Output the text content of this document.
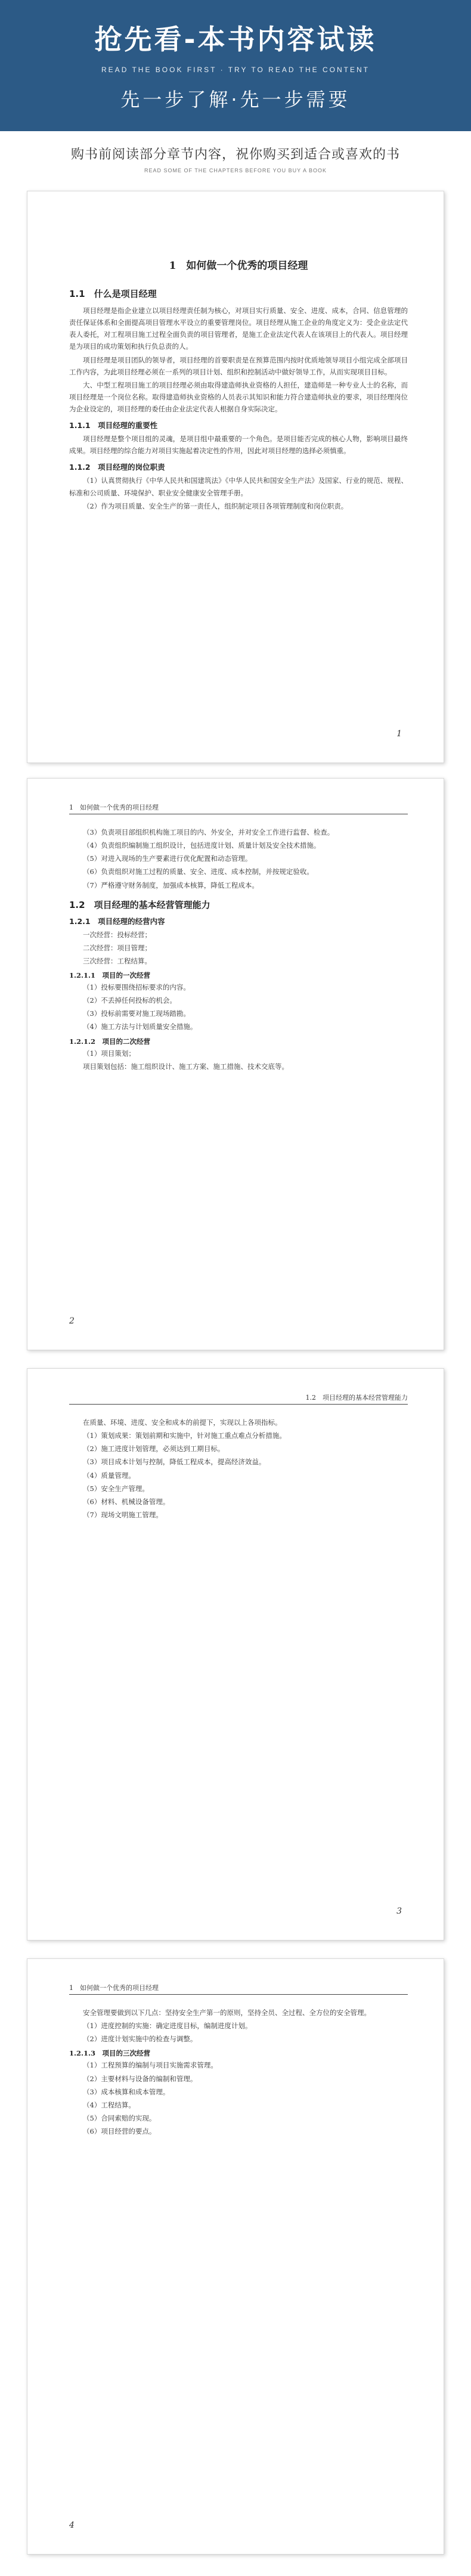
抢先看-本书内容试读
READ THE BOOK FIRST · TRY TO READ THE CONTENT
先一步了解·先一步需要
购书前阅读部分章节内容，祝你购买到适合或喜欢的书
READ SOME OF THE CHAPTERS BEFORE YOU BUY A BOOK
1　如何做一个优秀的项目经理
1.1　什么是项目经理

项目经理是指企业建立以项目经理责任制为核心，对项目实行质量、安全、进度、成本，合同、信息管理的责任保证体系和全面提高项目管理水平设立的重要管理岗位。项目经理从施工企业的角度定义为：受企业法定代表人委托，对工程项目施工过程全面负责的项目管理者，是施工企业法定代表人在该项目上的代表人。项目经理是为项目的成功策划和执行负总责的人。

项目经理是项目团队的领导者，项目经理的首要职责是在预算范围内按时优质地领导项目小组完成全部项目工作内容，为此项目经理必须在一系列的项目计划、组织和控制活动中做好领导工作，从而实现项目目标。

大、中型工程项目施工的项目经理必须由取得建造师执业资格的人担任，建造师是一种专业人士的名称，而项目经理是一个岗位名称。取得建造师执业资格的人员表示其知识和能力符合建造师执业的要求，项目经理岗位为企业设定的，项目经理的委任由企业法定代表人根据自身实际决定。

1.1.1　项目经理的重要性

项目经理是整个项目组的灵魂，是项目组中最重要的一个角色。是项目能否完成的核心人物，影响项目最终成果。项目经理的综合能力对项目实施起着决定性的作用，因此对项目经理的选择必须慎重。

1.1.2　项目经理的岗位职责

（1）认真贯彻执行《中华人民共和国建筑法》《中华人民共和国安全生产法》及国家、行业的规范、规程、标准和公司质量、环境保护、职业安全健康安全管理手册。

（2）作为项目质量、安全生产的第一责任人，组织制定项目各项管理制度和岗位职责。

1
1　如何做一个优秀的项目经理

（3）负责项目部组织机构施工项目的内、外安全，并对安全工作进行监督、检查。

（4）负责组织编制施工组织设计，包括进度计划、质量计划及安全技术措施。

（5）对进入现场的生产要素进行优化配置和动态管理。

（6）负责组织对施工过程的质量、安全、进度、成本控制，并按规定验收。

（7）严格遵守财务制度，加强成本核算，降低工程成本。

1.2　项目经理的基本经营管理能力
1.2.1　项目经理的经营内容

一次经营：投标经营；

二次经营：项目管理；

三次经营：工程结算。

1.2.1.1　项目的一次经营

（1）投标要围绕招标要求的内容。

（2）不丢掉任何投标的机会。

（3）投标前需要对施工现场踏勘。

（4）施工方法与计划质量安全措施。

1.2.1.2　项目的二次经营

（1）项目策划；

项目策划包括：施工组织设计、施工方案、施工措施、技术交底等。

2
1.2　项目经理的基本经营管理能力

在质量、环境、进度、安全和成本的前提下，实现以上各项指标。

（1）策划成果：策划前期和实施中，针对施工重点难点分析措施。

（2）施工进度计划管理，必须达到工期目标。

（3）项目成本计划与控制，降低工程成本，提高经济效益。

（4）质量管理。

（5）安全生产管理。

（6）材料、机械设备管理。

（7）现场文明施工管理。

3
1　如何做一个优秀的项目经理

安全管理要做到以下几点：坚持安全生产第一的原则，坚持全员、全过程、全方位的安全管理。

（1）进度控制的实施：确定进度目标，编制进度计划。

（2）进度计划实施中的检查与调整。

1.2.1.3　项目的三次经营

（1）工程预算的编制与项目实施需求管理。

（2）主要材料与设备的编制和管理。

（3）成本核算和成本管理。

（4）工程结算。

（5）合同索赔的实现。

（6）项目经营的要点。

4
